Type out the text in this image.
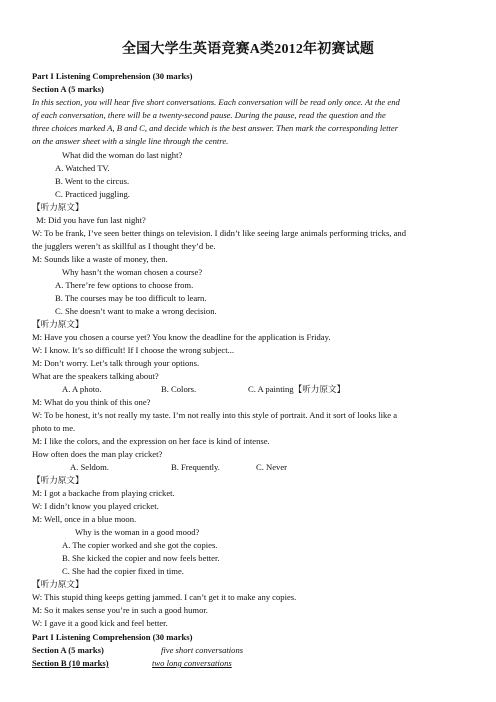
全国大学生英语竞赛A类2012年初赛试题
Part I Listening Comprehension (30 marks)
Section A (5 marks)
In this section, you will hear five short conversations. Each conversation will be read only once. At the end
of each conversation, there will be a twenty-second pause. During the pause, read the question and the
three choices marked A, B and C, and decide which is the best answer. Then mark the corresponding letter
on the answer sheet with a single line through the centre.
What did the woman do last night?
A. Watched TV.
B. Went to the circus.
C. Practiced juggling.
【听力原文】
M: Did you have fun last night?
W: To be frank, I’ve seen better things on television. I didn’t like seeing large animals performing tricks, and
the jugglers weren’t as skillful as I thought they’d be.
M: Sounds like a waste of money, then.
Why hasn’t the woman chosen a course?
A. There’re few options to choose from.
B. The courses may be too difficult to learn.
C. She doesn’t want to make a wrong decision.
【听力原文】
M: Have you chosen a course yet? You know the deadline for the application is Friday.
W: I know. It’s so difficult! If I choose the wrong subject...
M: Don’t worry. Let’s talk through your options.
What are the speakers talking about?
A. A photo.	B. Colors.	C. A painting【听力原文】
M: What do you think of this one?
W: To be honest, it’s not really my taste. I’m not really into this style of portrait. And it sort of looks like a
photo to me.
M: I like the colors, and the expression on her face is kind of intense.
How often does the man play cricket?
A. Seldom.	B. Frequently.	C. Never
【听力原文】
M: I got a backache from playing cricket.
W: I didn’t know you played cricket.
M: Well, once in a blue moon.
Why is the woman in a good mood?
A. The copier worked and she got the copies.
B. She kicked the copier and now feels better.
C. She had the copier fixed in time.
【听力原文】
W: This stupid thing keeps getting jammed. I can’t get it to make any copies.
M: So it makes sense you’re in such a good humor.
W: I gave it a good kick and feel better.
Part I Listening Comprehension (30 marks)
Section A (5 marks)	five short conversations
Section B (10 marks)	two long conversations
